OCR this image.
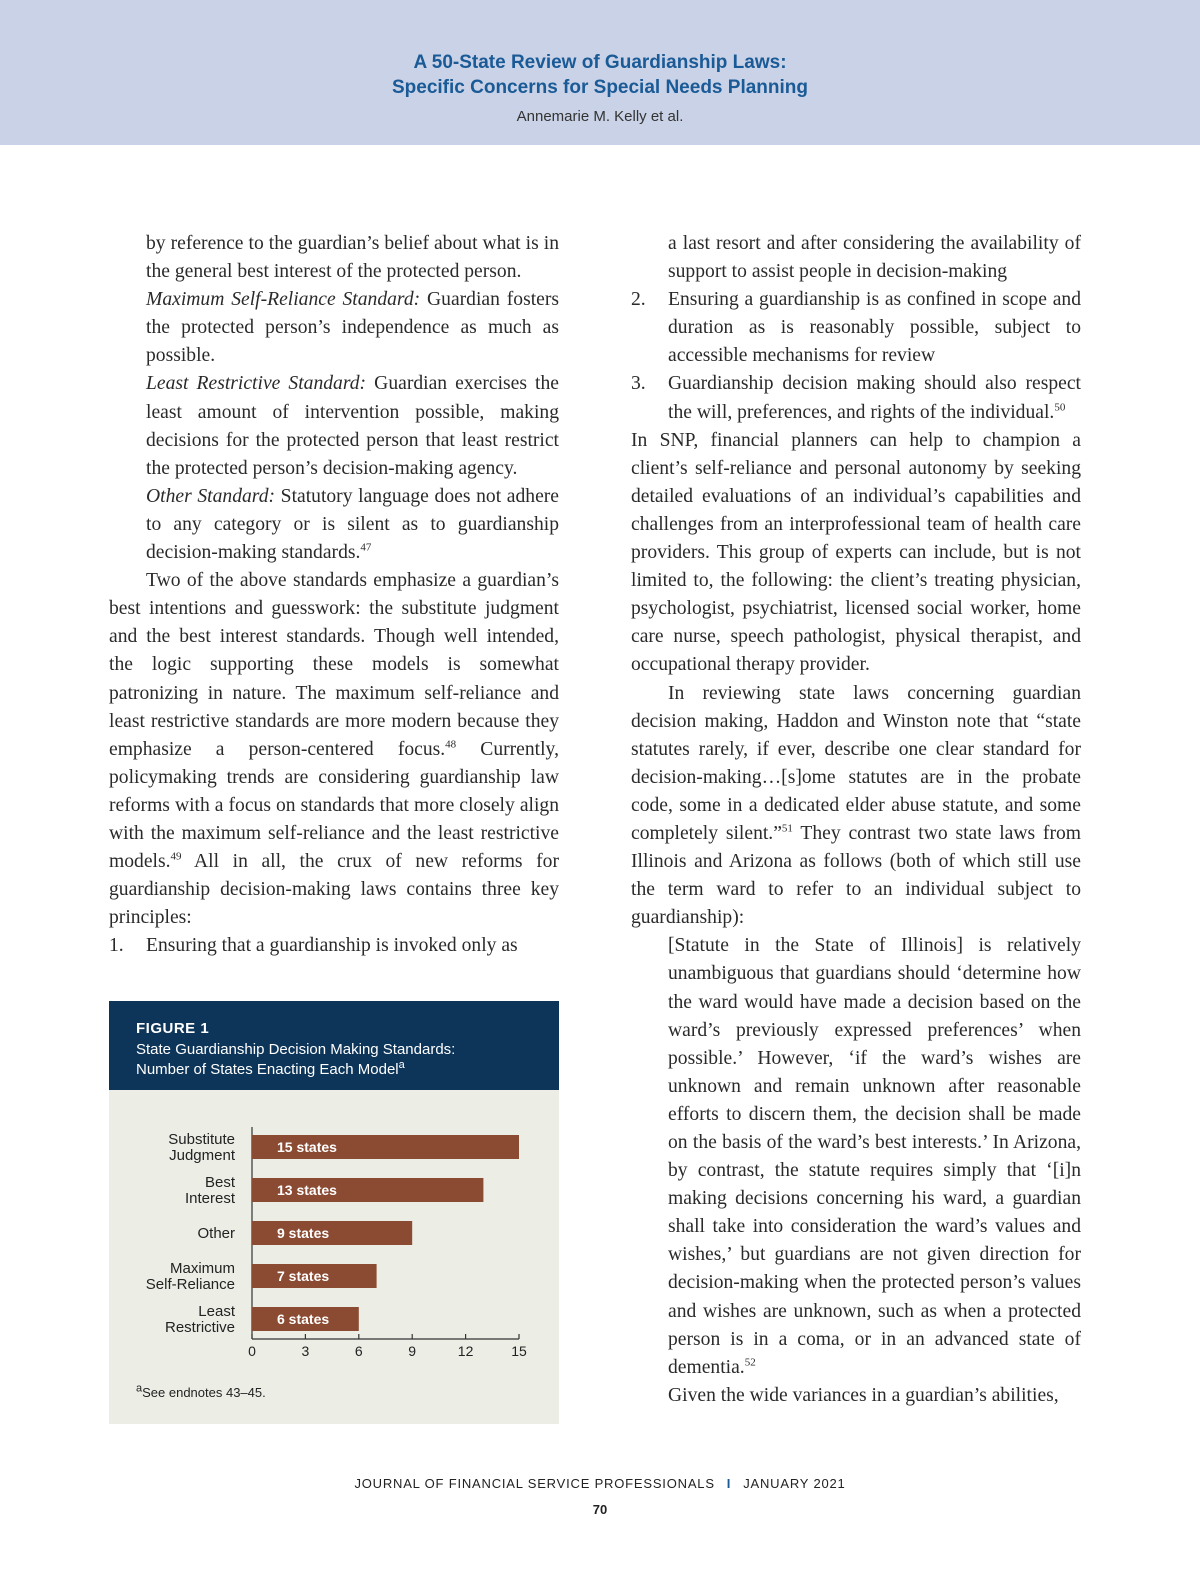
A 50-State Review of Guardianship Laws:
Specific Concerns for Special Needs Planning
Annemarie M. Kelly et al.

by reference to the guardian’s belief about what is in the general best interest of the protected person.

Maximum Self-Reliance Standard: Guardian fosters the protected person’s independence as much as possible.

Least Restrictive Standard: Guardian exercises the least amount of intervention possible, making decisions for the protected person that least restrict the protected person’s decision-making agency.

Other Standard: Statutory language does not adhere to any category or is silent as to guardianship decision-making standards.$^{47}$

Two of the above standards emphasize a guardian’s best intentions and guesswork: the substitute judgment and the best interest standards. Though well intended, the logic supporting these models is somewhat patronizing in nature. The maximum self-reliance and least restrictive standards are more modern because they emphasize a person-centered focus.$^{48}$ Currently, policymaking trends are considering guardianship law reforms with a focus on standards that more closely align with the maximum self-reliance and the least restrictive models.$^{49}$ All in all, the crux of new reforms for guardianship decision-making laws contains three key principles:

1. Ensuring that a guardianship is invoked only as

a last resort and after considering the availability of support to assist people in decision-making

2. Ensuring a guardianship is as confined in scope and duration as is reasonably possible, subject to accessible mechanisms for review

3. Guardianship decision making should also respect the will, preferences, and rights of the individual.$^{50}$

In SNP, financial planners can help to champion a client’s self-reliance and personal autonomy by seeking detailed evaluations of an individual’s capabilities and challenges from an interprofessional team of health care providers. This group of experts can include, but is not limited to, the following: the client’s treating physician, psychologist, psychiatrist, licensed social worker, home care nurse, speech pathologist, physical therapist, and occupational therapy provider.

In reviewing state laws concerning guardian decision making, Haddon and Winston note that “state statutes rarely, if ever, describe one clear standard for decision-making…[s]ome statutes are in the probate code, some in a dedicated elder abuse statute, and some completely silent.”$^{51}$ They contrast two state laws from Illinois and Arizona as follows (both of which still use the term ward to refer to an individual subject to guardianship):

[Statute in the State of Illinois] is relatively unambiguous that guardians should ‘determine how the ward would have made a decision based on the ward’s previously expressed preferences’ when possible.’ However, ‘if the ward’s wishes are unknown and remain unknown after reasonable efforts to discern them, the decision shall be made on the basis of the ward’s best interests.’ In Arizona, by contrast, the statute requires simply that ‘[i]n making decisions concerning his ward, a guardian shall take into consideration the ward’s values and wishes,’ but guardians are not given direction for decision-making when the protected person’s values and wishes are unknown, such as when a protected person is in a coma, or in an advanced state of dementia.$^{52}$

Given the wide variances in a guardian’s abilities,

FIGURE 1
State Guardianship Decision Making Standards:
Number of States Enacting Each Model$^a$
15 states
Substitute
Judgment
13 states
Best
Interest
9 states
Other
7 states
Maximum
Self-Reliance
6 states
Least
Restrictive
0	3	6	9	12	15
$^a$See endnotes 43–45.
JOURNAL OF FINANCIAL SERVICE PROFESSIONALS I JANUARY 2021
70
